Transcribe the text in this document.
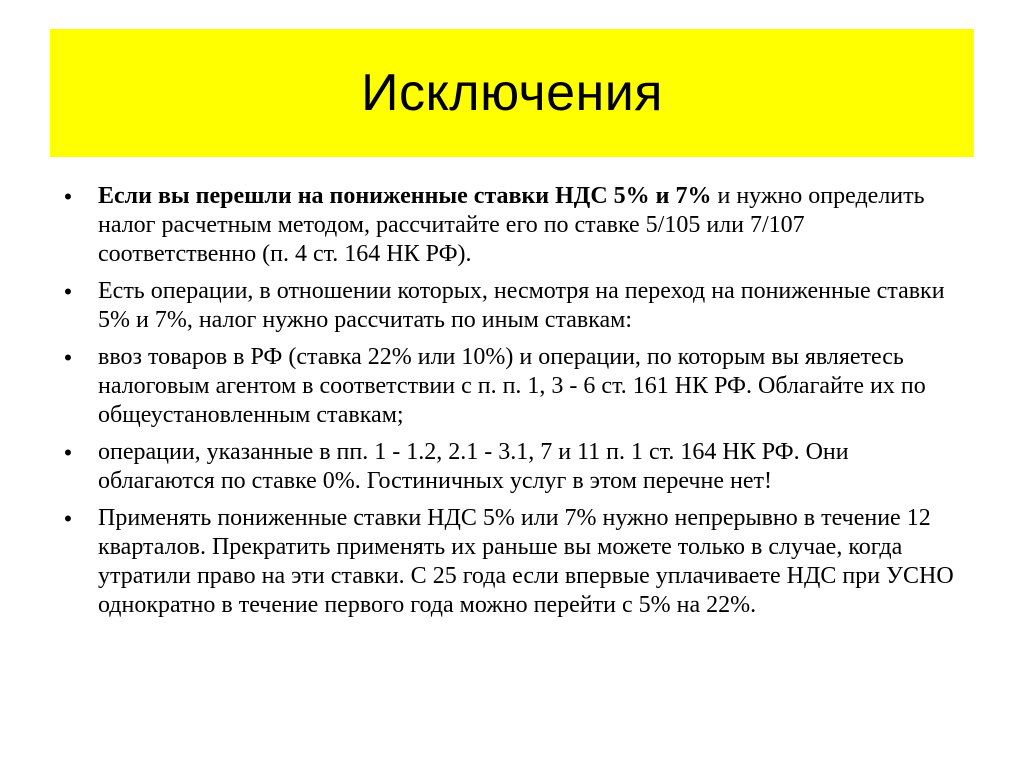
Исключения
• Если вы перешли на пониженные ставки НДС 5% и 7% и нужно определить налог расчетным методом, рассчитайте его по ставке 5/105 или 7/107 соответственно (п. 4 ст. 164 НК РФ).
• Есть операции, в отношении которых, несмотря на переход на пониженные ставки 5% и 7%, налог нужно рассчитать по иным ставкам:
• ввоз товаров в РФ (ставка 22% или 10%) и операции, по которым вы являетесь налоговым агентом в соответствии с п. п. 1, 3 - 6 ст. 161 НК РФ. Облагайте их по общеустановленным ставкам;
• операции, указанные в пп. 1 - 1.2, 2.1 - 3.1, 7 и 11 п. 1 ст. 164 НК РФ. Они облагаются по ставке 0%. Гостиничных услуг в этом перечне нет!
• Применять пониженные ставки НДС 5% или 7% нужно непрерывно в течение 12 кварталов. Прекратить применять их раньше вы можете только в случае, когда утратили право на эти ставки. С 25 года если впервые уплачиваете НДС при УСНО однократно в течение первого года можно перейти с 5% на 22%.
